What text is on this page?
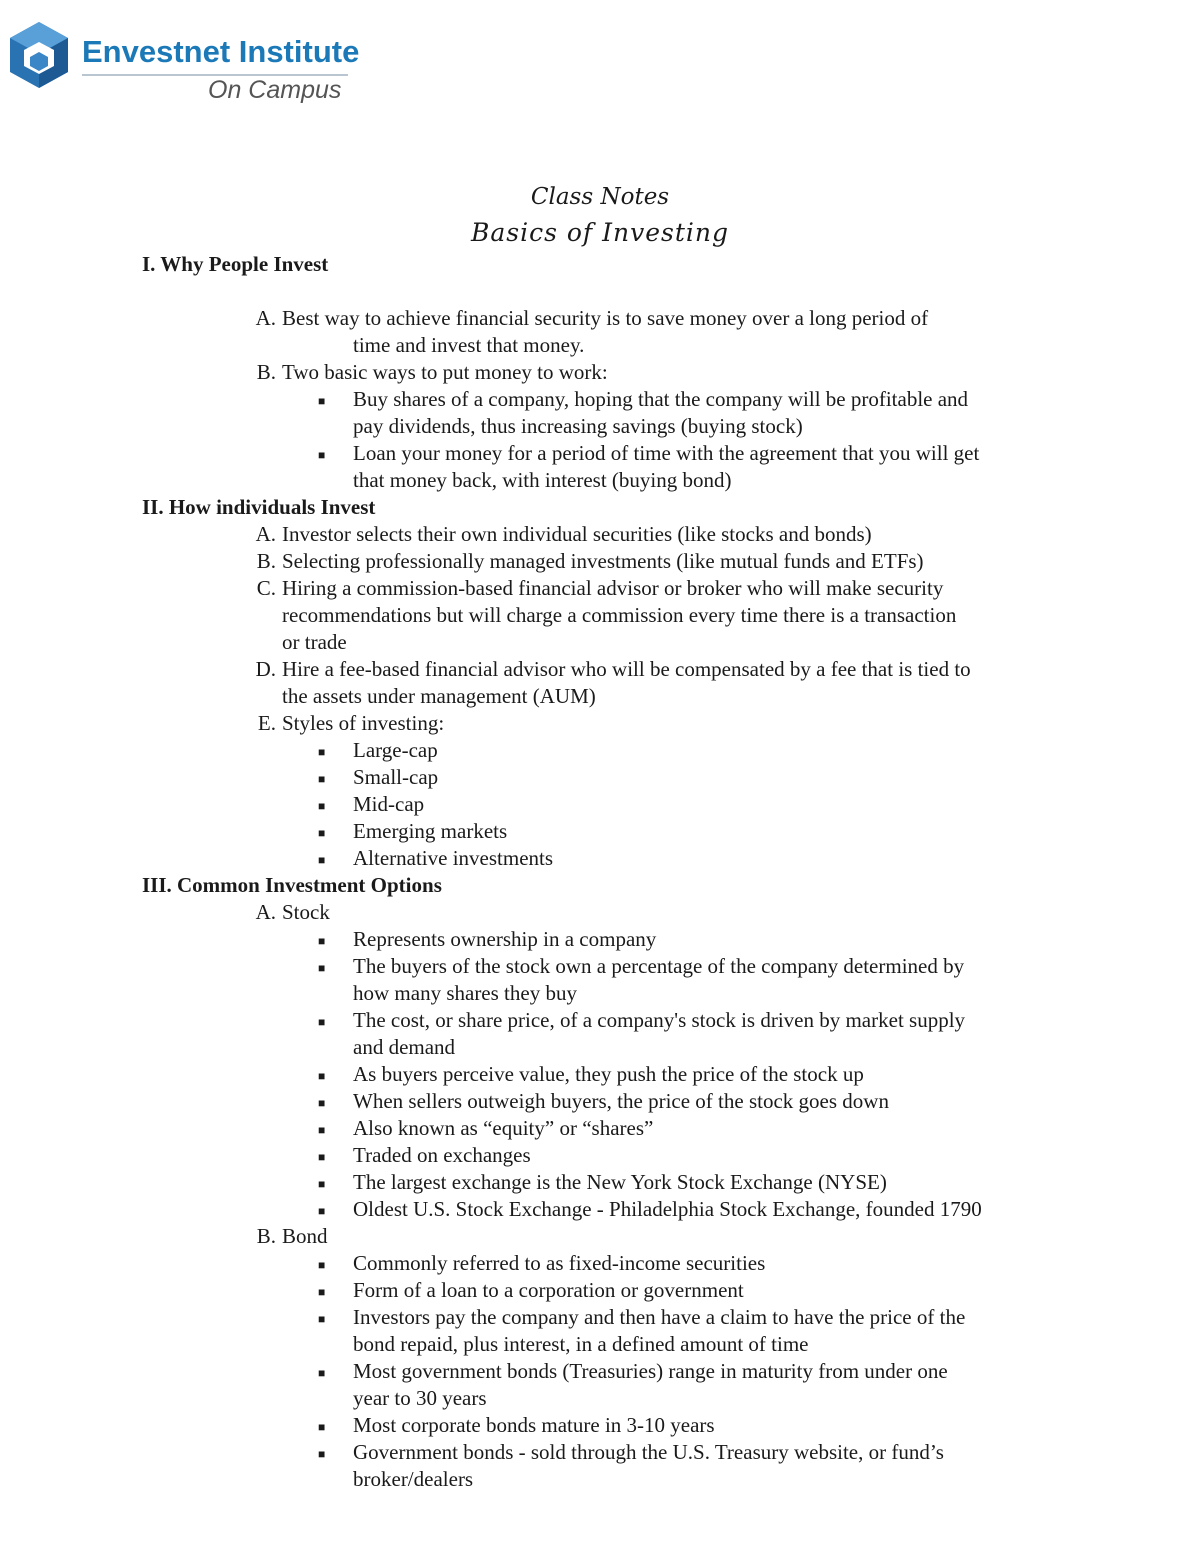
Envestnet Institute
On Campus
Class Notes
Basics of Investing
I. Why People Invest
Best way to achieve financial security is to save money over a long period of
A.
time and invest that money.
Two basic ways to put money to work:
B.
Buy shares of a company, hoping that the company will be profitable and
■
pay dividends, thus increasing savings (buying stock)
Loan your money for a period of time with the agreement that you will get
■
that money back, with interest (buying bond)
II. How individuals Invest
Investor selects their own individual securities (like stocks and bonds)
A.
Selecting professionally managed investments (like mutual funds and ETFs)
B.
Hiring a commission-based financial advisor or broker who will make security
C.
recommendations but will charge a commission every time there is a transaction
or trade
Hire a fee-based financial advisor who will be compensated by a fee that is tied to
D.
the assets under management (AUM)
Styles of investing:
E.
Large-cap
■
Small-cap
■
Mid-cap
■
Emerging markets
■
Alternative investments
■
III. Common Investment Options
Stock
A.
Represents ownership in a company
■
The buyers of the stock own a percentage of the company determined by
■
how many shares they buy
The cost, or share price, of a company's stock is driven by market supply
■
and demand
As buyers perceive value, they push the price of the stock up
■
When sellers outweigh buyers, the price of the stock goes down
■
Also known as “equity” or “shares”
■
Traded on exchanges
■
The largest exchange is the New York Stock Exchange (NYSE)
■
Oldest U.S. Stock Exchange - Philadelphia Stock Exchange, founded 1790
■
Bond
B.
Commonly referred to as fixed-income securities
■
Form of a loan to a corporation or government
■
Investors pay the company and then have a claim to have the price of the
■
bond repaid, plus interest, in a defined amount of time
Most government bonds (Treasuries) range in maturity from under one
■
year to 30 years
Most corporate bonds mature in 3-10 years
■
Government bonds - sold through the U.S. Treasury website, or fund’s
■
broker/dealers
